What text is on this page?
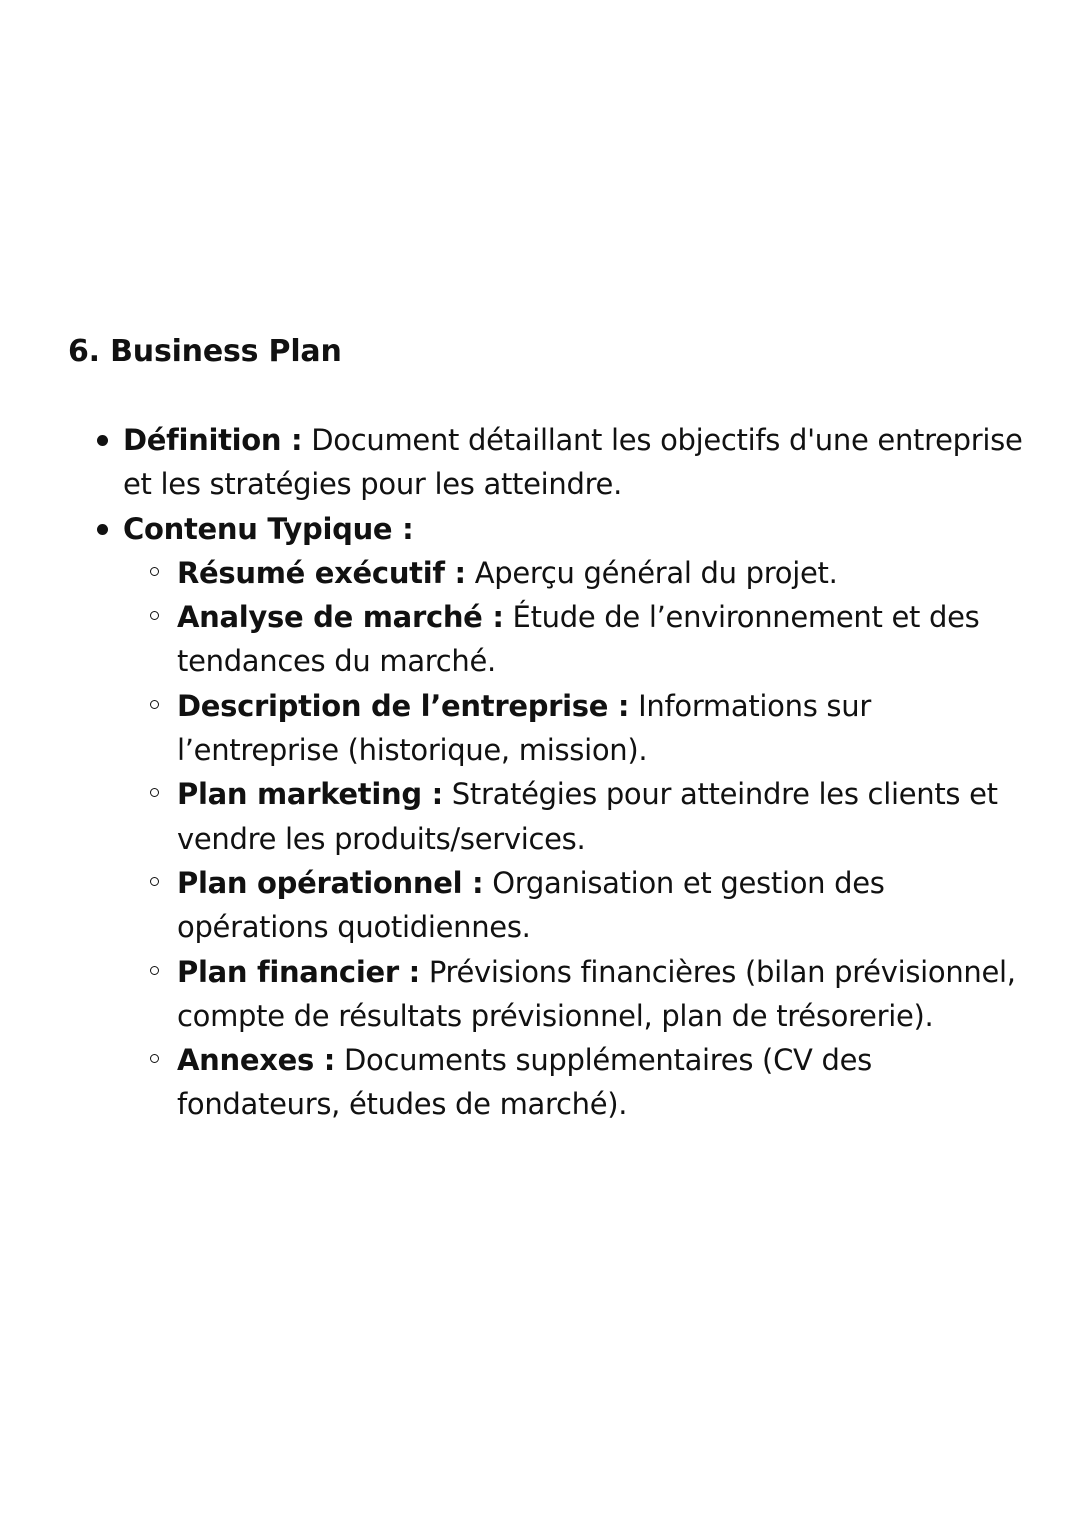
6. Business Plan
Définition : Document détaillant les objectifs d'une entreprise et les stratégies pour les atteindre.
Contenu Typique :
Résumé exécutif : Aperçu général du projet.
Analyse de marché : Étude de l’environnement et des tendances du marché.
Description de l’entreprise : Informations sur l’entreprise (historique, mission).
Plan marketing : Stratégies pour atteindre les clients et vendre les produits/services.
Plan opérationnel : Organisation et gestion des opérations quotidiennes.
Plan financier : Prévisions financières (bilan prévisionnel, compte de résultats prévisionnel, plan de trésorerie).
Annexes : Documents supplémentaires (CV des fondateurs, études de marché).
